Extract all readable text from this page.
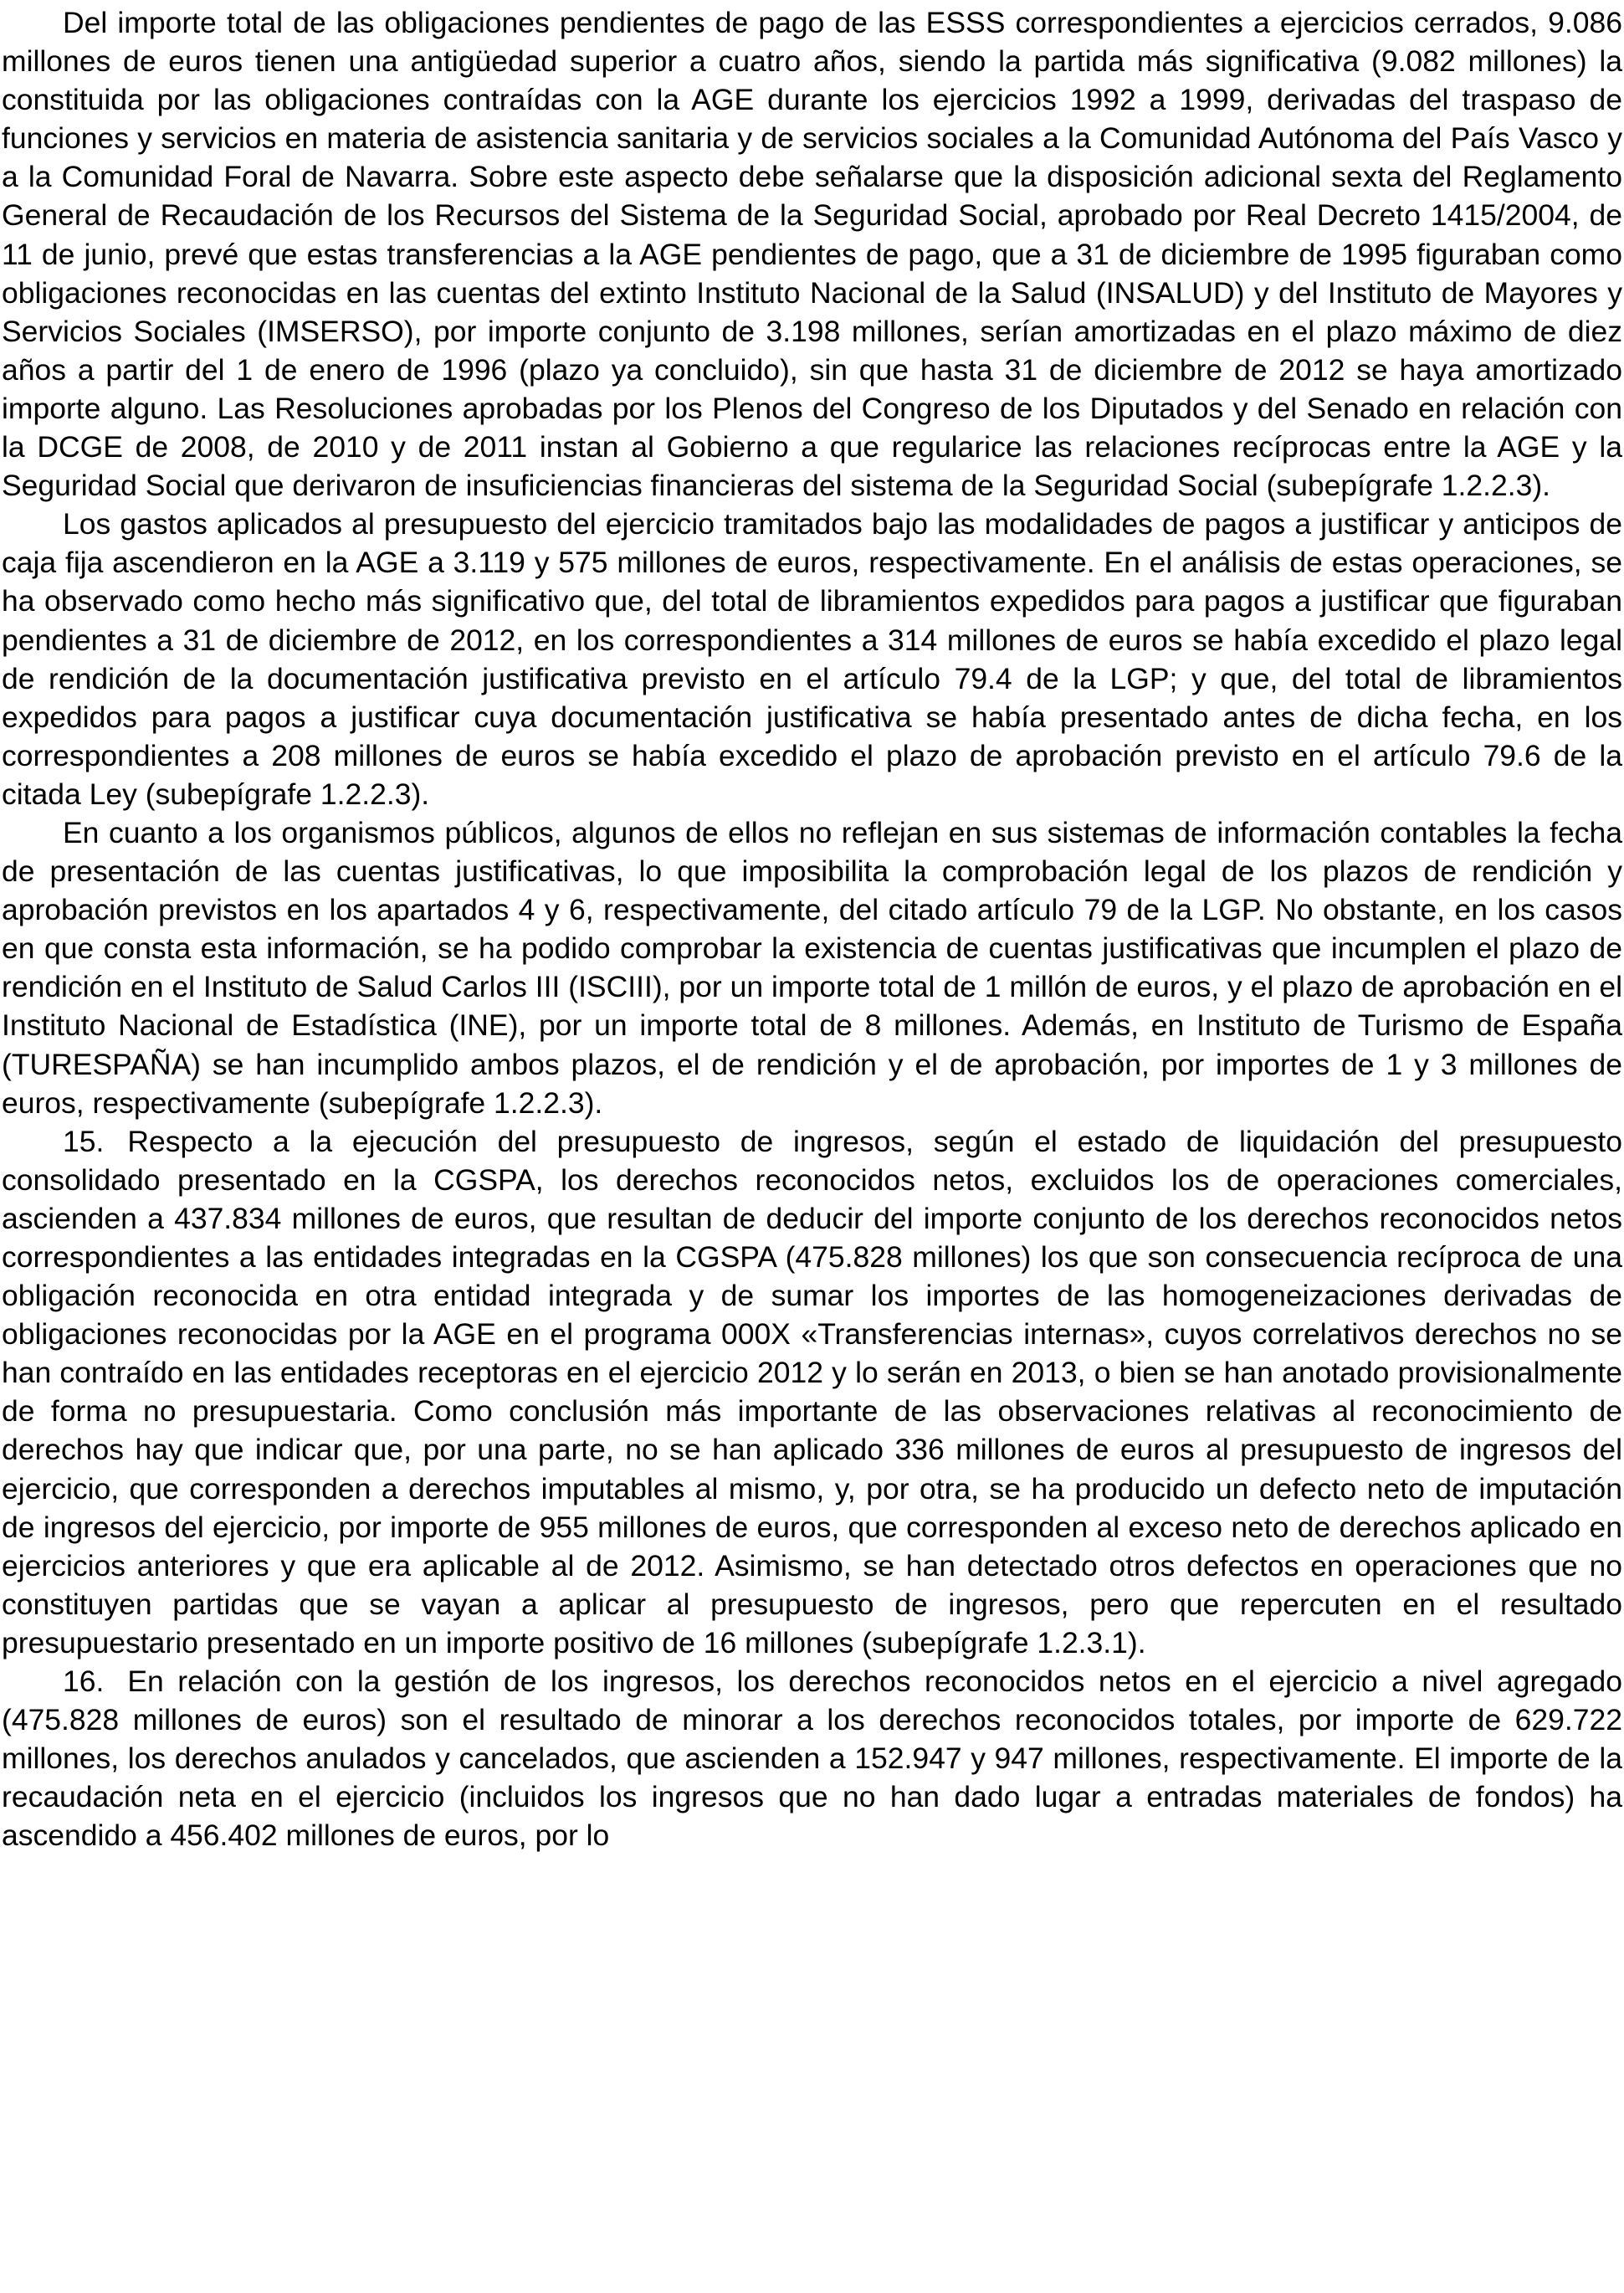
Del importe total de las obligaciones pendientes de pago de las ESSS correspondientes a ejercicios cerrados, 9.086 millones de euros tienen una antigüedad superior a cuatro años, siendo la partida más significativa (9.082 millones) la constituida por las obligaciones contraídas con la AGE durante los ejercicios 1992 a 1999, derivadas del traspaso de funciones y servicios en materia de asistencia sanitaria y de servicios sociales a la Comunidad Autónoma del País Vasco y a la Comunidad Foral de Navarra. Sobre este aspecto debe señalarse que la disposición adicional sexta del Reglamento General de Recaudación de los Recursos del Sistema de la Seguridad Social, aprobado por Real Decreto 1415/2004, de 11 de junio, prevé que estas transferencias a la AGE pendientes de pago, que a 31 de diciembre de 1995 figuraban como obligaciones reconocidas en las cuentas del extinto Instituto Nacional de la Salud (INSALUD) y del Instituto de Mayores y Servicios Sociales (IMSERSO), por importe conjunto de 3.198 millones, serían amortizadas en el plazo máximo de diez años a partir del 1 de enero de 1996 (plazo ya concluido), sin que hasta 31 de diciembre de 2012 se haya amortizado importe alguno. Las Resoluciones aprobadas por los Plenos del Congreso de los Diputados y del Senado en relación con la DCGE de 2008, de 2010 y de 2011 instan al Gobierno a que regularice las relaciones recíprocas entre la AGE y la Seguridad Social que derivaron de insuficiencias financieras del sistema de la Seguridad Social (subepígrafe 1.2.2.3).

Los gastos aplicados al presupuesto del ejercicio tramitados bajo las modalidades de pagos a justificar y anticipos de caja fija ascendieron en la AGE a 3.119 y 575 millones de euros, respectivamente. En el análisis de estas operaciones, se ha observado como hecho más significativo que, del total de libramientos expedidos para pagos a justificar que figuraban pendientes a 31 de diciembre de 2012, en los correspondientes a 314 millones de euros se había excedido el plazo legal de rendición de la documentación justificativa previsto en el artículo 79.4 de la LGP; y que, del total de libramientos expedidos para pagos a justificar cuya documentación justificativa se había presentado antes de dicha fecha, en los correspondientes a 208 millones de euros se había excedido el plazo de aprobación previsto en el artículo 79.6 de la citada Ley (subepígrafe 1.2.2.3).

En cuanto a los organismos públicos, algunos de ellos no reflejan en sus sistemas de información contables la fecha de presentación de las cuentas justificativas, lo que imposibilita la comprobación legal de los plazos de rendición y aprobación previstos en los apartados 4 y 6, respectivamente, del citado artículo 79 de la LGP. No obstante, en los casos en que consta esta información, se ha podido comprobar la existencia de cuentas justificativas que incumplen el plazo de rendición en el Instituto de Salud Carlos III (ISCIII), por un importe total de 1 millón de euros, y el plazo de aprobación en el Instituto Nacional de Estadística (INE), por un importe total de 8 millones. Además, en Instituto de Turismo de España (TURESPAÑA) se han incumplido ambos plazos, el de rendición y el de aprobación, por importes de 1 y 3 millones de euros, respectivamente (subepígrafe 1.2.2.3).

15. Respecto a la ejecución del presupuesto de ingresos, según el estado de liquidación del presupuesto consolidado presentado en la CGSPA, los derechos reconocidos netos, excluidos los de operaciones comerciales, ascienden a 437.834 millones de euros, que resultan de deducir del importe conjunto de los derechos reconocidos netos correspondientes a las entidades integradas en la CGSPA (475.828 millones) los que son consecuencia recíproca de una obligación reconocida en otra entidad integrada y de sumar los importes de las homogeneizaciones derivadas de obligaciones reconocidas por la AGE en el programa 000X «Transferencias internas», cuyos correlativos derechos no se han contraído en las entidades receptoras en el ejercicio 2012 y lo serán en 2013, o bien se han anotado provisionalmente de forma no presupuestaria. Como conclusión más importante de las observaciones relativas al reconocimiento de derechos hay que indicar que, por una parte, no se han aplicado 336 millones de euros al presupuesto de ingresos del ejercicio, que corresponden a derechos imputables al mismo, y, por otra, se ha producido un defecto neto de imputación de ingresos del ejercicio, por importe de 955 millones de euros, que corresponden al exceso neto de derechos aplicado en ejercicios anteriores y que era aplicable al de 2012. Asimismo, se han detectado otros defectos en operaciones que no constituyen partidas que se vayan a aplicar al presupuesto de ingresos, pero que repercuten en el resultado presupuestario presentado en un importe positivo de 16 millones (subepígrafe 1.2.3.1).

16. En relación con la gestión de los ingresos, los derechos reconocidos netos en el ejercicio a nivel agregado (475.828 millones de euros) son el resultado de minorar a los derechos reconocidos totales, por importe de 629.722 millones, los derechos anulados y cancelados, que ascienden a 152.947 y 947 millones, respectivamente. El importe de la recaudación neta en el ejercicio (incluidos los ingresos que no han dado lugar a entradas materiales de fondos) ha ascendido a 456.402 millones de euros, por lo
